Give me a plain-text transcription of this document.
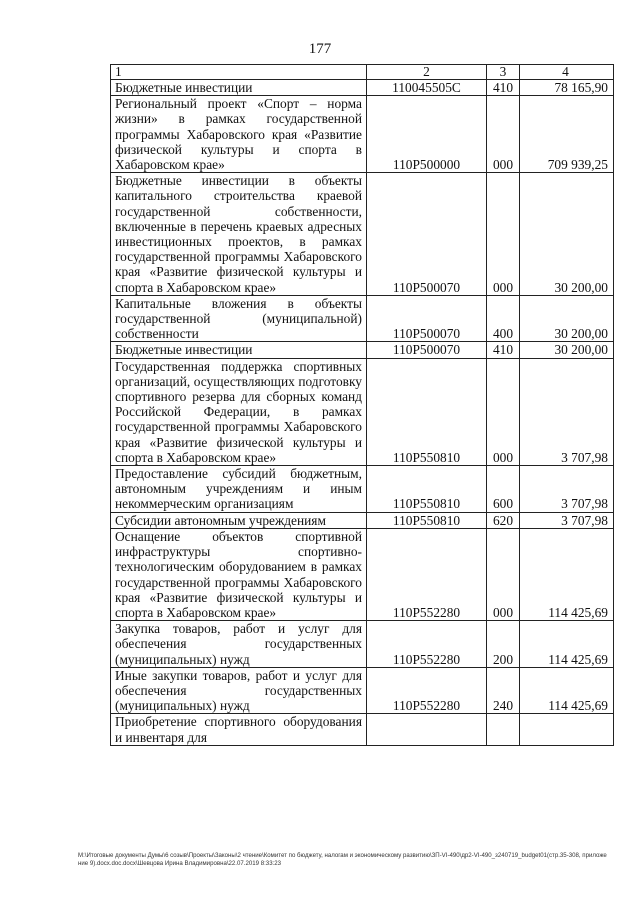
177
1	2	3	4
Бюджетные инвестиции	110045505С	410	78 165,90
Региональный проект «Спорт – норма жизни» в рамках государственной программы Хабаровского края «Развитие физической культуры и спорта в Хабаровском крае»	110P500000	000	709 939,25
Бюджетные инвестиции в объекты капитального строительства краевой государственной собственности, включенные в перечень краевых адресных инвестиционных проектов, в рамках государственной программы Хабаровского края «Развитие физической культуры и спорта в Хабаровском крае»	110P500070	000	30 200,00
Капитальные вложения в объекты государственной (муниципальной) собственности	110P500070	400	30 200,00
Бюджетные инвестиции	110P500070	410	30 200,00
Государственная поддержка спортивных организаций, осуществляющих подготовку спортивного резерва для сборных команд Российской Федерации, в рамках государственной программы Хабаровского края «Развитие физической культуры и спорта в Хабаровском крае»	110P550810	000	3 707,98
Предоставление субсидий бюджетным, автономным учреждениям и иным некоммерческим организациям	110P550810	600	3 707,98
Субсидии автономным учреждениям	110P550810	620	3 707,98
Оснащение объектов спортивной инфраструктуры спортивно-технологическим оборудованием в рамках государственной программы Хабаровского края «Развитие физической культуры и спорта в Хабаровском крае»	110P552280	000	114 425,69
Закупка товаров, работ и услуг для обеспечения государственных (муниципальных) нужд	110P552280	200	114 425,69
Иные закупки товаров, работ и услуг для обеспечения государственных (муниципальных) нужд	110P552280	240	114 425,69
Приобретение спортивного оборудования и инвентаря для			
M:\Итоговые документы Думы\6 созыв\Проекты\Законы\2 чтение\Комитет по бюджету, налогам и экономическому развитию\ЗП-VI-490\др2-VI-490_з240719_budget01(стр.35-308, приложение 9).docx.doc.docx\Шевцова Ирина Владимировна\22.07.2019 8:33:23
